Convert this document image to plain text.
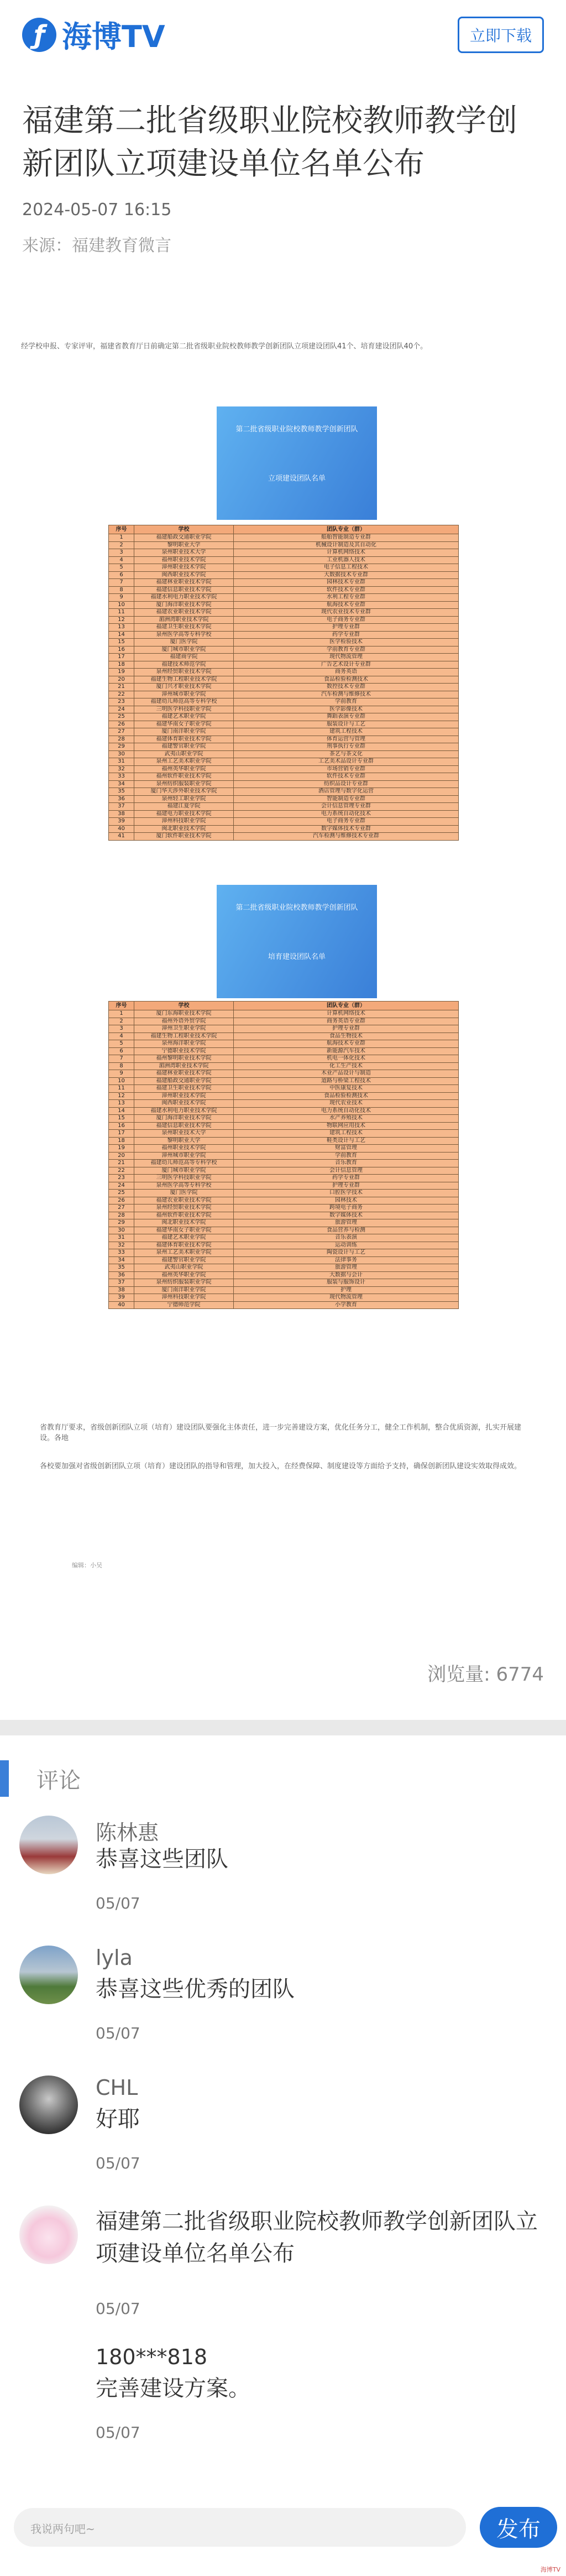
ƒ 海博TV	立即下载
福建第二批省级职业院校教师教学创新团队立项建设单位名单公布
2024-05-07 16:15
来源：福建教育微言
经学校申报、专家评审，福建省教育厅日前确定第二批省级职业院校教师教学创新团队立项建设团队41个、培育建设团队40个。
第二批省级职业院校教师教学创新团队
立项建设团队名单
序号	学校	团队专业（群）
1	福建船政交通职业学院	船舶智能制造专业群
2	黎明职业大学	机械设计制造及其自动化
3	泉州职业技术大学	计算机网络技术
4	福州职业技术学院	工业机器人技术
5	漳州职业技术学院	电子信息工程技术
6	闽西职业技术学院	大数据技术专业群
7	福建林业职业技术学院	园林技术专业群
8	福建信息职业技术学院	软件技术专业群
9	福建水利电力职业技术学院	水利工程专业群
10	厦门海洋职业技术学院	航海技术专业群
11	福建农业职业技术学院	现代农业技术专业群
12	湄洲湾职业技术学院	电子商务专业群
13	福建卫生职业技术学院	护理专业群
14	泉州医学高等专科学校	药学专业群
15	厦门医学院	医学检验技术
16	厦门城市职业学院	学前教育专业群
17	福建商学院	现代物流管理
18	福建技术师范学院	广告艺术设计专业群
19	泉州经贸职业技术学院	商务英语
20	福建生物工程职业技术学院	食品检验检测技术
21	厦门兴才职业技术学院	数控技术专业群
22	漳州城市职业学院	汽车检测与维修技术
23	福建幼儿师范高等专科学校	学前教育
24	三明医学科技职业学院	医学影像技术
25	福建艺术职业学院	舞蹈表演专业群
26	福建华南女子职业学院	服装设计与工艺
27	厦门南洋职业学院	建筑工程技术
28	福建体育职业技术学院	体育运营与管理
29	福建警官职业学院	刑事执行专业群
30	武夷山职业学院	茶艺与茶文化
31	泉州工艺美术职业学院	工艺美术品设计专业群
32	福州英华职业学院	市场营销专业群
33	福州软件职业技术学院	软件技术专业群
34	泉州纺织服装职业学院	纺织品设计专业群
35	厦门华天涉外职业技术学院	酒店管理与数字化运营
36	泉州轻工职业学院	智能制造专业群
37	福建江夏学院	会计信息管理专业群
38	福建电力职业技术学院	电力系统自动化技术
39	漳州科技职业学院	电子商务专业群
40	闽北职业技术学院	数字媒体技术专业群
41	厦门软件职业技术学院	汽车检测与维修技术专业群
第二批省级职业院校教师教学创新团队
培育建设团队名单
序号	学校	团队专业（群）
1	厦门东海职业技术学院	计算机网络技术
2	福州外语外贸学院	商务英语专业群
3	漳州卫生职业学院	护理专业群
4	福建生物工程职业技术学院	食品生物技术
5	泉州海洋职业学院	航海技术专业群
6	宁德职业技术学院	新能源汽车技术
7	福州黎明职业技术学院	机电一体化技术
8	湄洲湾职业技术学院	化工生产技术
9	福建林业职业技术学院	木业产品设计与制造
10	福建船政交通职业学院	道路与桥梁工程技术
11	福建卫生职业技术学院	中医康复技术
12	漳州职业技术学院	食品检验检测技术
13	闽西职业技术学院	现代农业技术
14	福建水利电力职业技术学院	电力系统自动化技术
15	厦门海洋职业技术学院	水产养殖技术
16	福建信息职业技术学院	物联网应用技术
17	泉州职业技术大学	建筑工程技术
18	黎明职业大学	鞋类设计与工艺
19	福州职业技术学院	财富管理
20	漳州城市职业学院	学前教育
21	福建幼儿师范高等专科学校	音乐教育
22	厦门城市职业学院	会计信息管理
23	三明医学科技职业学院	药学专业群
24	泉州医学高等专科学校	护理专业群
25	厦门医学院	口腔医学技术
26	福建农业职业技术学院	园林技术
27	泉州经贸职业技术学院	跨境电子商务
28	福州软件职业技术学院	数字媒体技术
29	闽北职业技术学院	旅游管理
30	福建华南女子职业学院	食品营养与检测
31	福建艺术职业学院	音乐表演
32	福建体育职业技术学院	运动训练
33	泉州工艺美术职业学院	陶瓷设计与工艺
34	福建警官职业学院	法律事务
35	武夷山职业学院	旅游管理
36	福州英华职业学院	大数据与会计
37	泉州纺织服装职业学院	服装与服饰设计
38	厦门南洋职业学院	护理
39	漳州科技职业学院	现代物流管理
40	宁德师范学院	小学教育
省教育厅要求，省级创新团队立项（培育）建设团队要强化主体责任，进一步完善建设方案，优化任务分工，健全工作机制，整合优质资源，扎实开展建设。各地
各校要加强对省级创新团队立项（培育）建设团队的指导和管理，加大投入，在经费保障、制度建设等方面给予支持，确保创新团队建设实效取得成效。
编辑：小吴
浏览量: 6774
评论
陈林惠
恭喜这些团队
05/07
lyla
恭喜这些优秀的团队
05/07
CHL
好耶
05/07
福建第二批省级职业院校教师教学创新团队立项建设单位名单公布
05/07
180***818
完善建设方案。
05/07
我说两句吧~	发布
海博TV
